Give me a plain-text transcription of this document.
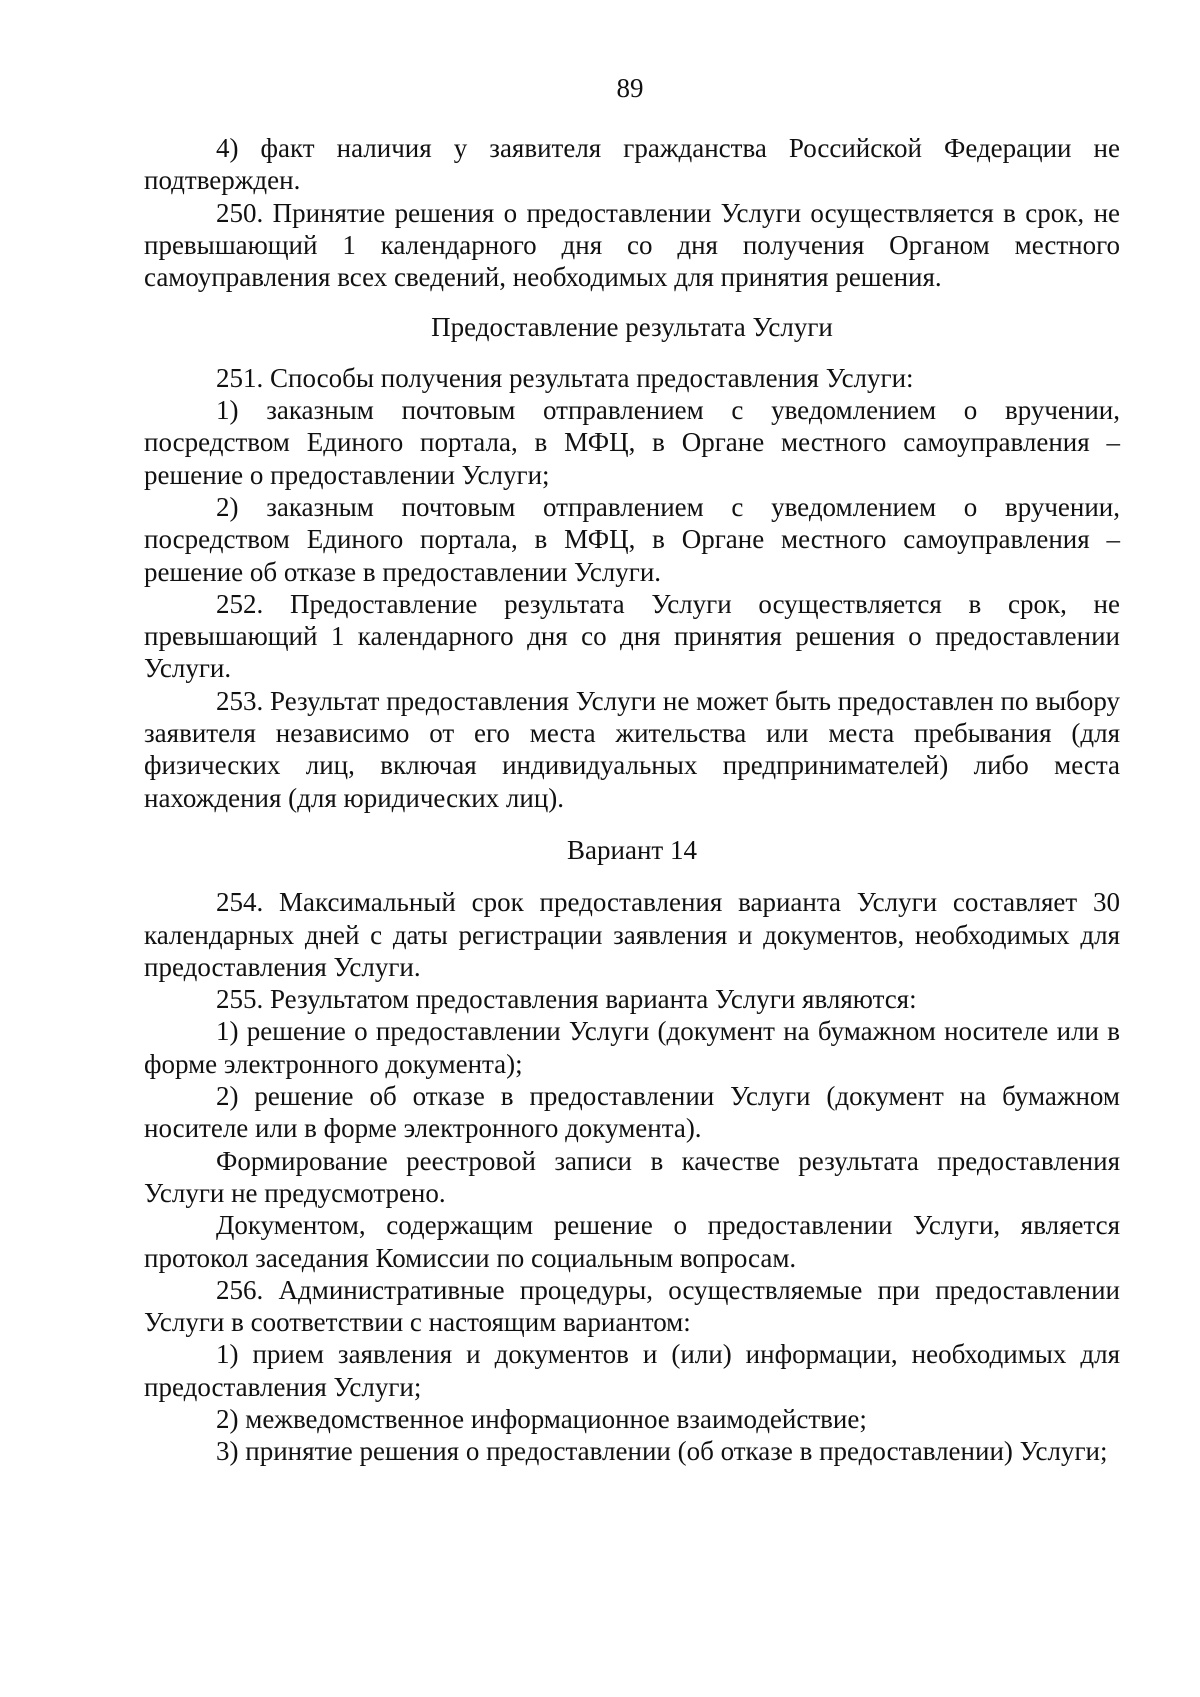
89

4) факт наличия у заявителя гражданства Российской Федерации не подтвержден.

250. Принятие решения о предоставлении Услуги осуществляется в срок, не превышающий 1 календарного дня со дня получения Органом местного самоуправления всех сведений, необходимых для принятия решения.

Предоставление результата Услуги

251. Способы получения результата предоставления Услуги:

1) заказным почтовым отправлением с уведомлением о вручении, посредством Единого портала, в МФЦ, в Органе местного самоуправления – решение о предоставлении Услуги;

2) заказным почтовым отправлением с уведомлением о вручении, посредством Единого портала, в МФЦ, в Органе местного самоуправления – решение об отказе в предоставлении Услуги.

252. Предоставление результата Услуги осуществляется в срок, не превышающий 1 календарного дня со дня принятия решения о предоставлении Услуги.

253. Результат предоставления Услуги не может быть предоставлен по выбору заявителя независимо от его места жительства или места пребывания (для физических лиц, включая индивидуальных предпринимателей) либо места нахождения (для юридических лиц).

Вариант 14

254. Максимальный срок предоставления варианта Услуги составляет 30 календарных дней с даты регистрации заявления и документов, необходимых для предоставления Услуги.

255. Результатом предоставления варианта Услуги являются:

1) решение о предоставлении Услуги (документ на бумажном носителе или в форме электронного документа);

2) решение об отказе в предоставлении Услуги (документ на бумажном носителе или в форме электронного документа).

Формирование реестровой записи в качестве результата предоставления Услуги не предусмотрено.

Документом, содержащим решение о предоставлении Услуги, является протокол заседания Комиссии по социальным вопросам.

256. Административные процедуры, осуществляемые при предоставлении Услуги в соответствии с настоящим вариантом:

1) прием заявления и документов и (или) информации, необходимых для предоставления Услуги;

2) межведомственное информационное взаимодействие;

3) принятие решения о предоставлении (об отказе в предоставлении) Услуги;
